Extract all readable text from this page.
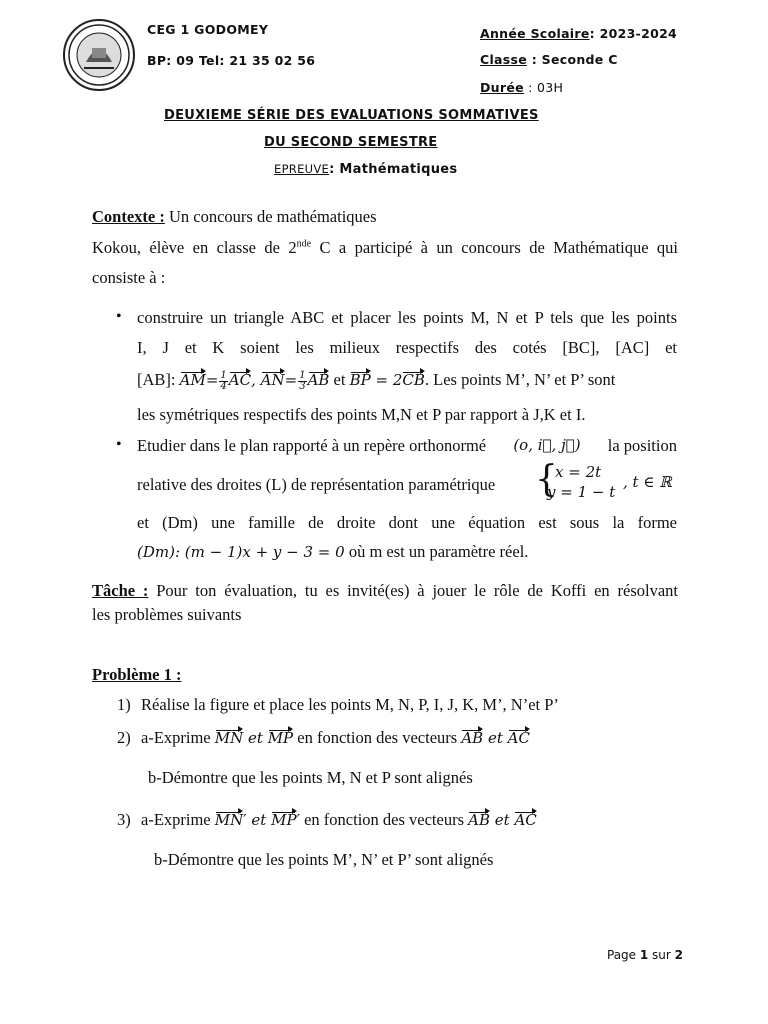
CEG 1 GODOMEY
BP: 09 Tel: 21 35 02 56
Année Scolaire: 2023-2024
Classe : Seconde C
Durée : 03H
DEUXIEME SÉRIE DES EVALUATIONS SOMMATIVES
DU SECOND SEMESTRE
EPREUVE: Mathématiques
Contexte : Un concours de mathématiques
Kokou, élève en classe de 2nde C a participé à un concours de Mathématique qui
consiste à :
• construire un triangle ABC et placer les points M, N et P tels que les points
I, J et K soient les milieux respectifs des cotés [BC], [AC] et
[AB]: $AM= \frac{1}{4}$ AC, $AN= \frac{1}{3}$ AB et BP = 2CB. Les points M’, N’ et P’ sont
les symétriques respectifs des points M,N et P par rapport à J,K et I.
• Etudier dans le plan rapporté à un repère orthonormé (o, i⃗, j⃗) la position
relative des droites (L) de représentation paramétrique {
x = 2t
y = 1 − t
, t ∈ ℝ
et (Dm) une famille de droite dont une équation est sous la forme
(Dm): (m − 1)x + y − 3 = 0 où m est un paramètre réel.
Tâche : Pour ton évaluation, tu es invité(es) à jouer le rôle de Koffi en résolvant
les problèmes suivants
Problème 1 :
1) Réalise la figure et place les points M, N, P, I, J, K, M’, N’et P’
2) a-Exprime MN et MP en fonction des vecteurs AB et AC
b-Démontre que les points M, N et P sont alignés
3) a-Exprime MN′ et MP′ en fonction des vecteurs AB et AC
b-Démontre que les points M’, N’ et P’ sont alignés
Page 1 sur 2
